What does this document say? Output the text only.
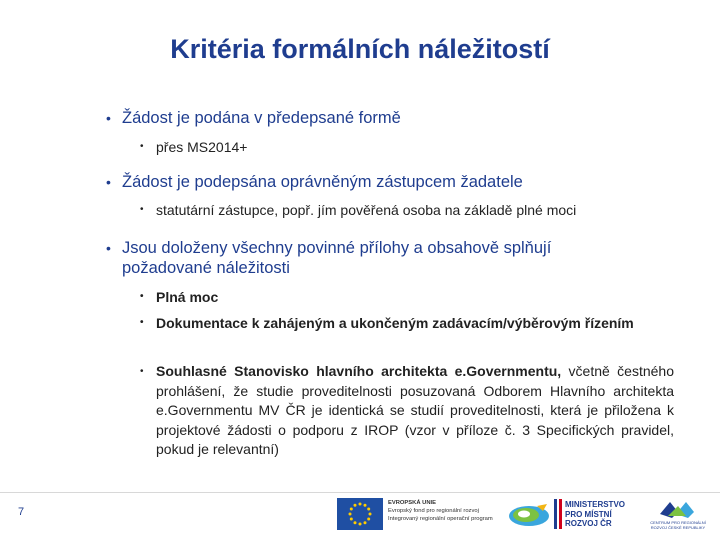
Kritéria formálních náležitostí
• Žádost je podána v předepsané formě
• přes MS2014+
• Žádost je podepsána oprávněným zástupcem žadatele
• statutární zástupce, popř. jím pověřená osoba na základě plné moci
• Jsou doloženy všechny povinné přílohy a obsahově splňují požadované náležitosti
• Plná moc
• Dokumentace k zahájeným a ukončeným zadávacím/výběrovým řízením
• Souhlasné Stanovisko hlavního architekta e.Governmentu, včetně čestného prohlášení, že studie proveditelnosti posuzovaná Odborem Hlavního architekta e.Governmentu MV ČR je identická se studií proveditelnosti, která je přiložena k projektové žádosti o podporu z IROP (vzor v příloze č. 3 Specifických pravidel, pokud je relevantní)
7
EVROPSKÁ UNIE
Evropský fond pro regionální rozvoj
Integrovaný regionální operační program
MINISTERSTVO
PRO MÍSTNÍ
ROZVOJ ČR	CENTRUM PRO REGIONÁLNÍ ROZVOJ ČESKÉ REPUBLIKY
